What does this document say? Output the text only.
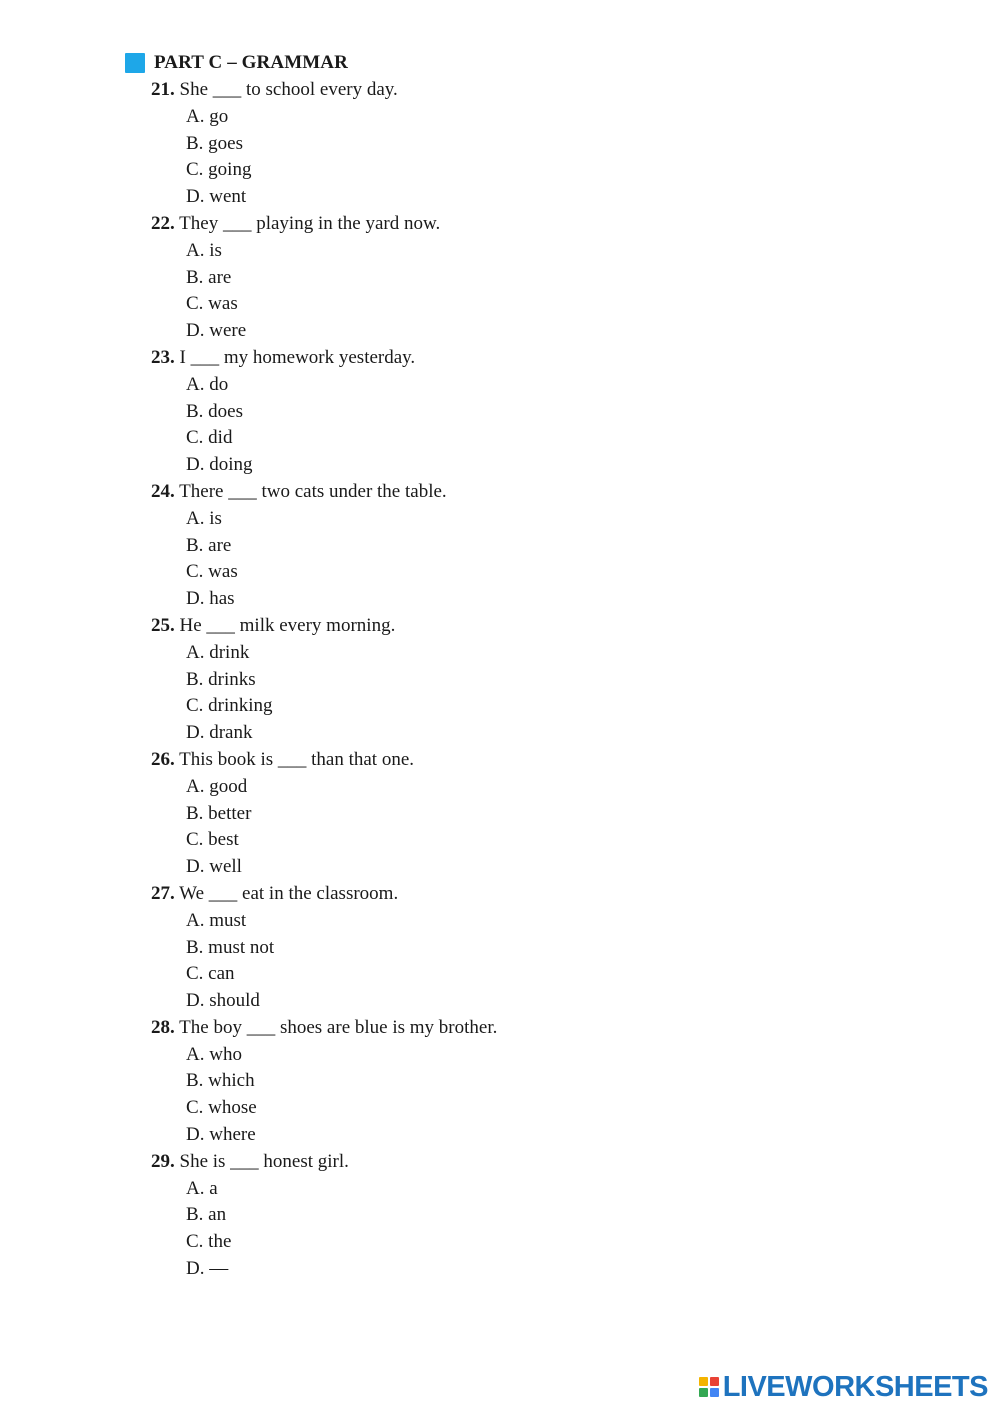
PART C – GRAMMAR
21. She ___ to school every day.
A. go
B. goes
C. going
D. went
22. They ___ playing in the yard now.
A. is
B. are
C. was
D. were
23. I ___ my homework yesterday.
A. do
B. does
C. did
D. doing
24. There ___ two cats under the table.
A. is
B. are
C. was
D. has
25. He ___ milk every morning.
A. drink
B. drinks
C. drinking
D. drank
26. This book is ___ than that one.
A. good
B. better
C. best
D. well
27. We ___ eat in the classroom.
A. must
B. must not
C. can
D. should
28. The boy ___ shoes are blue is my brother.
A. who
B. which
C. whose
D. where
29. She is ___ honest girl.
A. a
B. an
C. the
D. —
LIVEWORKSHEETS
